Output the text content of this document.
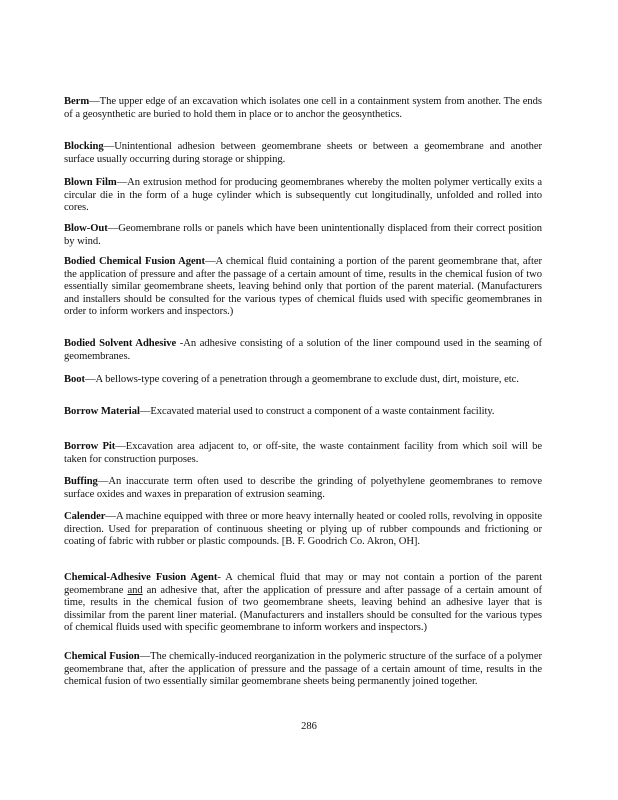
Berm—The upper edge of an excavation which isolates one cell in a containment system from another. The ends of a geosynthetic are buried to hold them in place or to anchor the geosynthetics.
Blocking—Unintentional adhesion between geomembrane sheets or between a geomembrane and another surface usually occurring during storage or shipping.
Blown Film—An extrusion method for producing geomembranes whereby the molten polymer vertically exits a circular die in the form of a huge cylinder which is subsequently cut longitudinally, unfolded and rolled into cores.
Blow-Out—Geomembrane rolls or panels which have been unintentionally displaced from their correct position by wind.
Bodied Chemical Fusion Agent—A chemical fluid containing a portion of the parent geomembrane that, after the application of pressure and after the passage of a certain amount of time, results in the chemical fusion of two essentially similar geomembrane sheets, leaving behind only that portion of the parent material. (Manufacturers and installers should be consulted for the various types of chemical fluids used with specific geomembranes in order to inform workers and inspectors.)
Bodied Solvent Adhesive -An adhesive consisting of a solution of the liner compound used in the seaming of geomembranes.
Boot—A bellows-type covering of a penetration through a geomembrane to exclude dust, dirt, moisture, etc.
Borrow Material—Excavated material used to construct a component of a waste containment facility.
Borrow Pit—Excavation area adjacent to, or off-site, the waste containment facility from which soil will be taken for construction purposes.
Buffing—An inaccurate term often used to describe the grinding of polyethylene geomembranes to remove surface oxides and waxes in preparation of extrusion seaming.
Calender—A machine equipped with three or more heavy internally heated or cooled rolls, revolving in opposite direction. Used for preparation of continuous sheeting or plying up of rubber compounds and frictioning or coating of fabric with rubber or plastic compounds. [B. F. Goodrich Co. Akron, OH].
Chemical-Adhesive Fusion Agent- A chemical fluid that may or may not contain a portion of the parent geomembrane and an adhesive that, after the application of pressure and after passage of a certain amount of time, results in the chemical fusion of two geomembrane sheets, leaving behind an adhesive layer that is dissimilar from the parent liner material. (Manufacturers and installers should be consulted for the various types of chemical fluids used with specific geomembrane to inform workers and inspectors.)
Chemical Fusion—The chemically-induced reorganization in the polymeric structure of the surface of a polymer geomembrane that, after the application of pressure and the passage of a certain amount of time, results in the chemical fusion of two essentially similar geomembrane sheets being permanently joined together.
286
